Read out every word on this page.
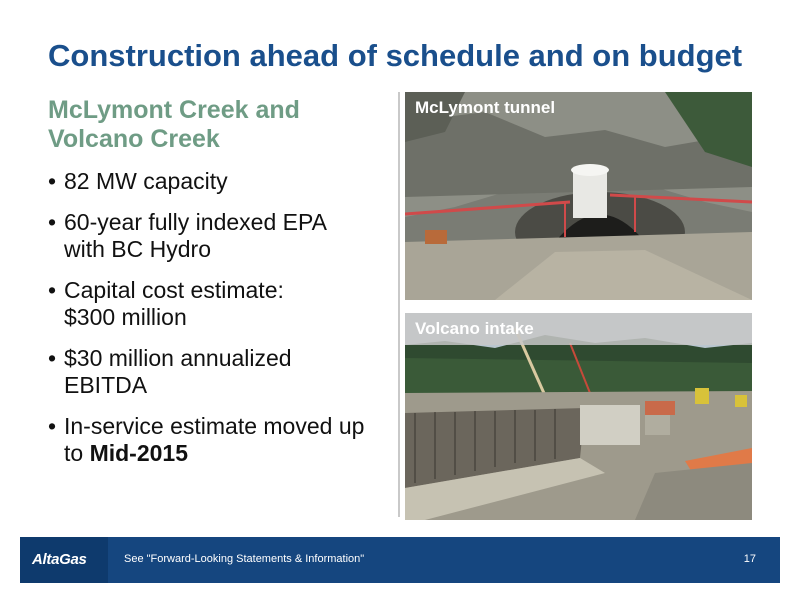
Construction ahead of schedule and on budget
McLymont Creek and
Volcano Creek
• 82 MW capacity
• 60-year fully indexed EPA
with BC Hydro
• Capital cost estimate:
$300 million
• $30 million annualized
EBITDA
• In-service estimate moved up
to Mid-2015
McLymont tunnel
Volcano intake
AltaGas	See "Forward-Looking Statements & Information"	17
